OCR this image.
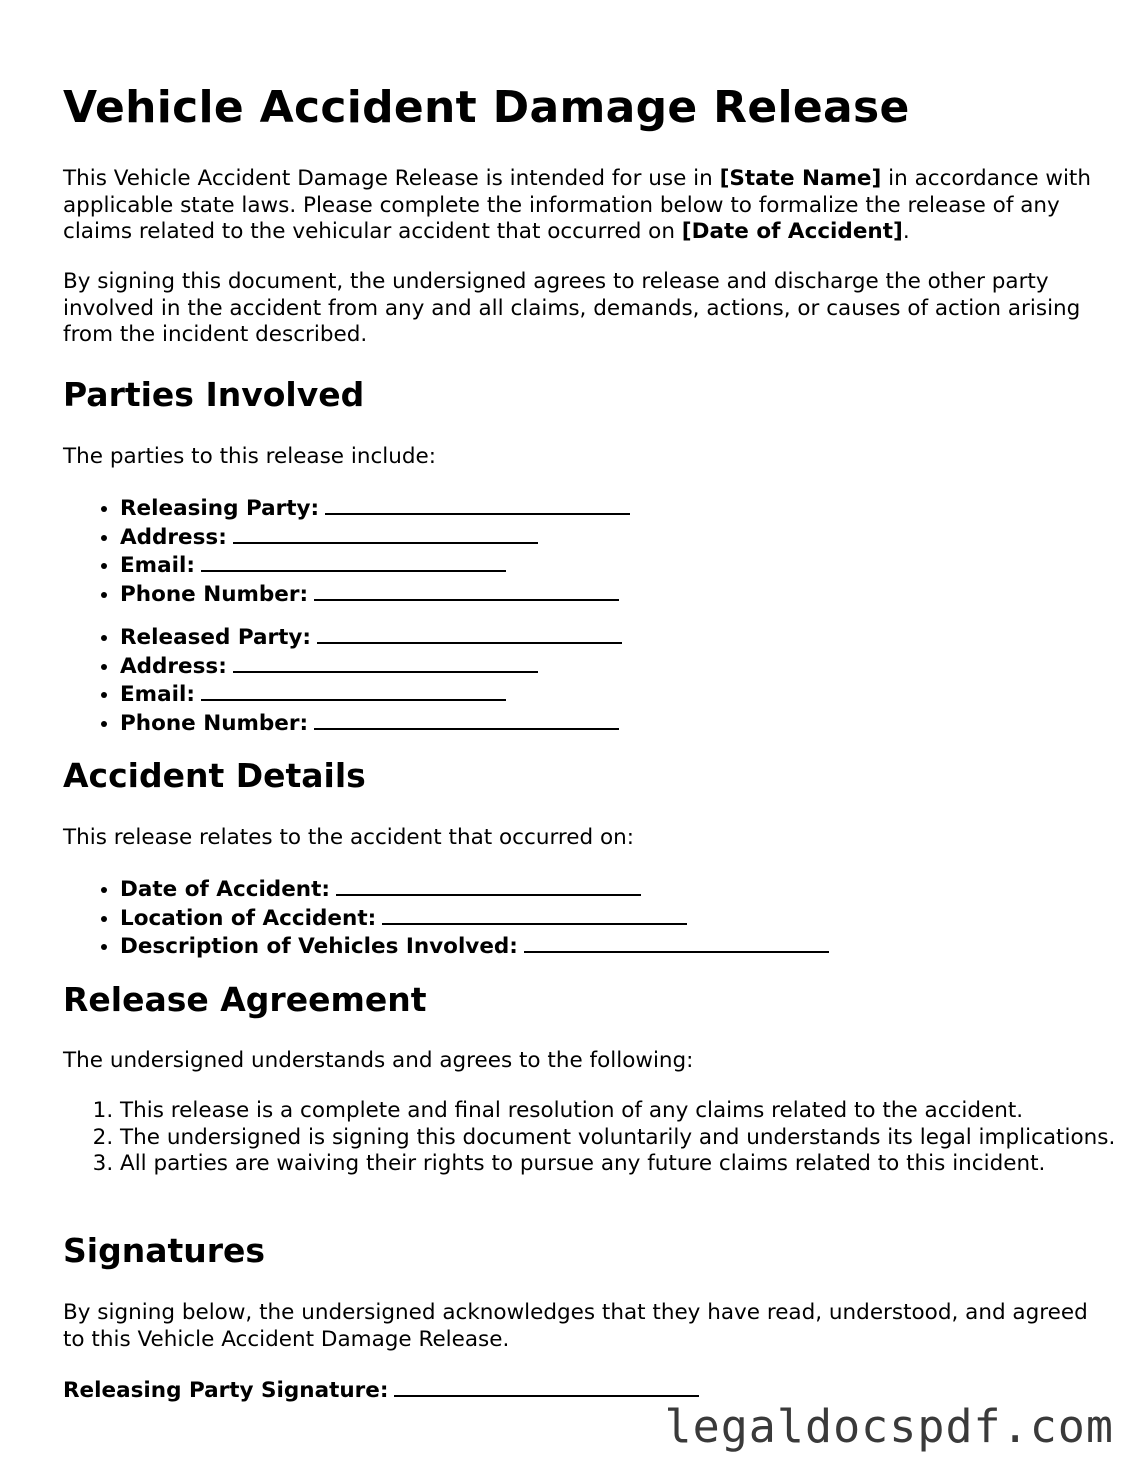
Vehicle Accident Damage Release

This Vehicle Accident Damage Release is intended for use in [State Name] in accordance with applicable state laws. Please complete the information below to formalize the release of any claims related to the vehicular accident that occurred on [Date of Accident].

By signing this document, the undersigned agrees to release and discharge the other party involved in the accident from any and all claims, demands, actions, or causes of action arising from the incident described.

Parties Involved

The parties to this release include:

• Releasing Party:
• Address:
• Email:
• Phone Number:
• Released Party:
• Address:
• Email:
• Phone Number:
Accident Details

This release relates to the accident that occurred on:

• Date of Accident:
• Location of Accident:
• Description of Vehicles Involved:
Release Agreement

The undersigned understands and agrees to the following:

1. This release is a complete and final resolution of any claims related to the accident.
2. The undersigned is signing this document voluntarily and understands its legal implications.
3. All parties are waiving their rights to pursue any future claims related to this incident.
Signatures

By signing below, the undersigned acknowledges that they have read, understood, and agreed to this Vehicle Accident Damage Release.

Releasing Party Signature:
legaldocspdf.com
